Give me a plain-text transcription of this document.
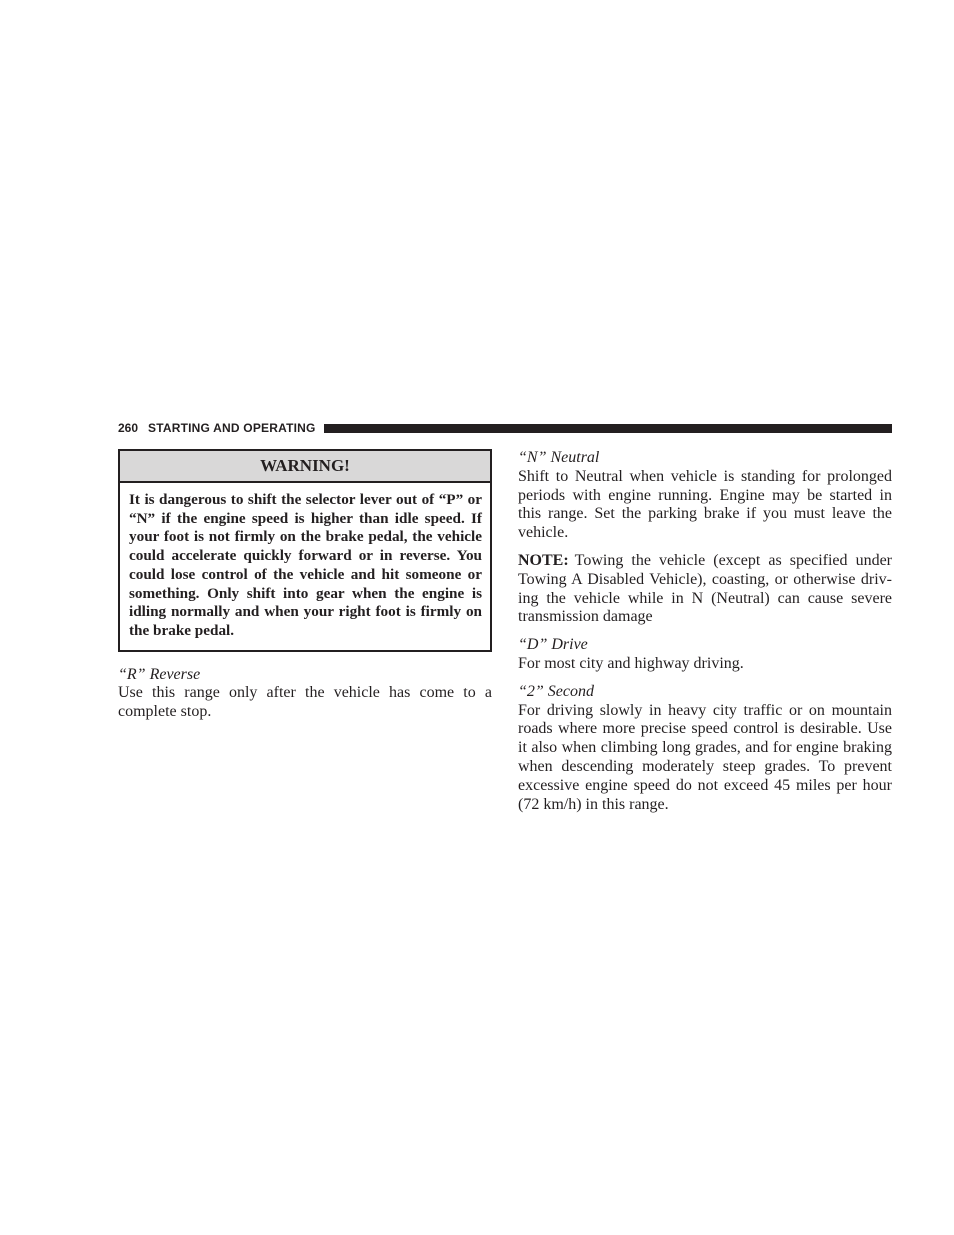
260 STARTING AND OPERATING
WARNING!
It is dangerous to shift the selector lever out of “P” or “N” if the engine speed is higher than idle speed. If your foot is not firmly on the brake pedal, the vehicle could accelerate quickly forward or in reverse. You could lose control of the vehicle and hit someone or something. Only shift into gear when the engine is idling normally and when your right foot is firmly on the brake pedal.

“R” Reverse

Use this range only after the vehicle has come to a complete stop.

“N” Neutral

Shift to Neutral when vehicle is standing for prolonged periods with engine running. Engine may be started in this range. Set the parking brake if you must leave the vehicle.

NOTE: Towing the vehicle (except as specified under Towing A Disabled Vehicle), coasting, or otherwise driving the vehicle while in N (Neutral) can cause severe transmission damage

“D” Drive

For most city and highway driving.

“2” Second

For driving slowly in heavy city traffic or on mountain roads where more precise speed control is desirable. Use it also when climbing long grades, and for engine braking when descending moderately steep grades. To prevent excessive engine speed do not exceed 45 miles per hour (72 km/h) in this range.
